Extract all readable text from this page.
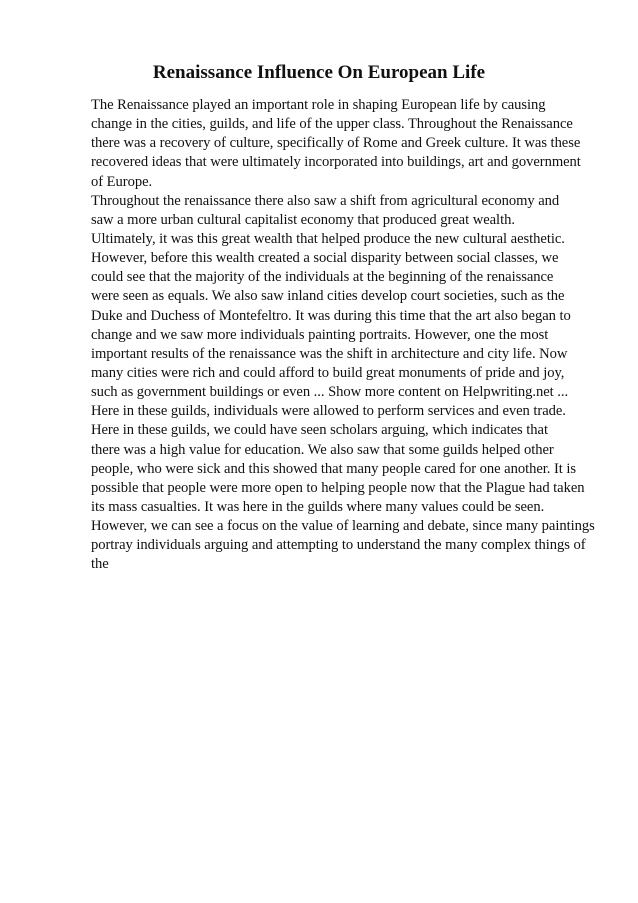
Renaissance Influence On European Life
The Renaissance played an important role in shaping European life by causing
change in the cities, guilds, and life of the upper class. Throughout the Renaissance
there was a recovery of culture, specifically of Rome and Greek culture. It was these
recovered ideas that were ultimately incorporated into buildings, art and government
of Europe.
Throughout the renaissance there also saw a shift from agricultural economy and
saw a more urban cultural capitalist economy that produced great wealth.
Ultimately, it was this great wealth that helped produce the new cultural aesthetic.
However, before this wealth created a social disparity between social classes, we
could see that the majority of the individuals at the beginning of the renaissance
were seen as equals. We also saw inland cities develop court societies, such as the
Duke and Duchess of Montefeltro. It was during this time that the art also began to
change and we saw more individuals painting portraits. However, one the most
important results of the renaissance was the shift in architecture and city life. Now
many cities were rich and could afford to build great monuments of pride and joy,
such as government buildings or even ... Show more content on Helpwriting.net ...
Here in these guilds, individuals were allowed to perform services and even trade.
Here in these guilds, we could have seen scholars arguing, which indicates that
there was a high value for education. We also saw that some guilds helped other
people, who were sick and this showed that many people cared for one another. It is
possible that people were more open to helping people now that the Plague had taken
its mass casualties. It was here in the guilds where many values could be seen.
However, we can see a focus on the value of learning and debate, since many paintings
portray individuals arguing and attempting to understand the many complex things of
the
